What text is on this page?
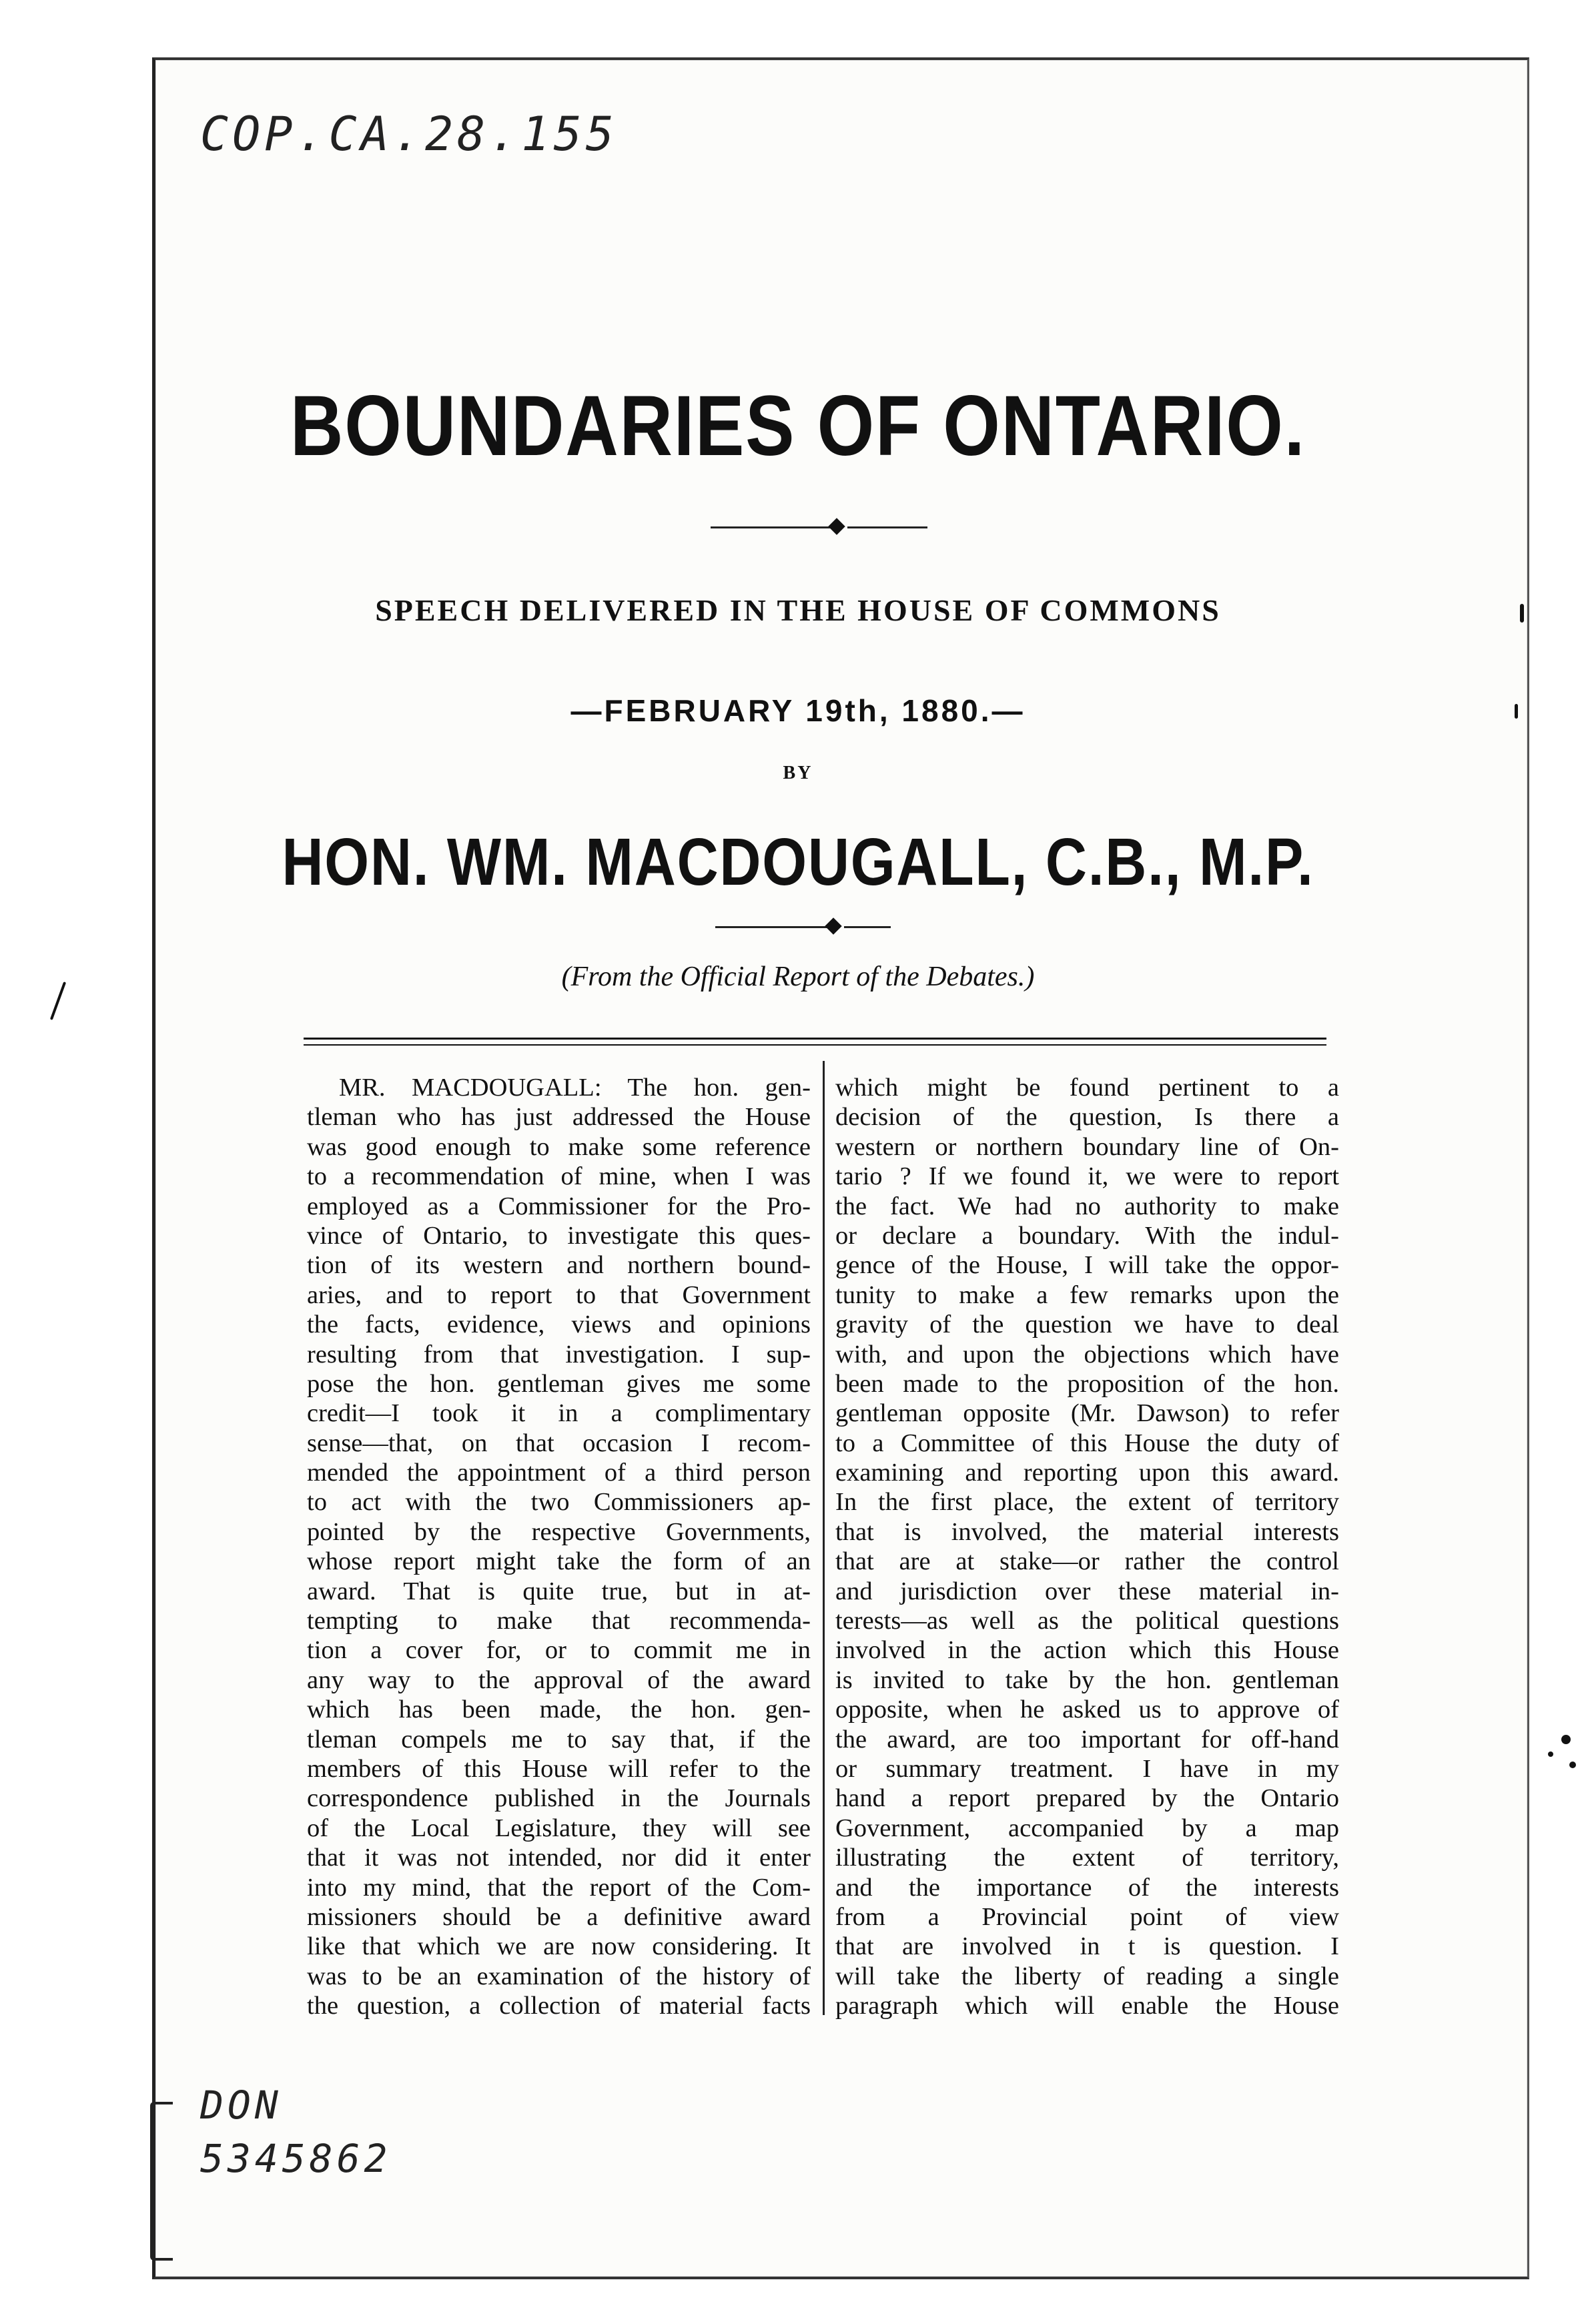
COP.CA.28.155
BOUNDARIES OF ONTARIO.
SPEECH DELIVERED IN THE HOUSE OF COMMONS
—FEBRUARY 19th, 1880.—
BY
HON. WM. MACDOUGALL, C.B., M.P.
(From the Official Report of the Debates.)
MR. MACDOUGALL: The hon. gen-
tleman who has just addressed the House
was good enough to make some reference
to a recommendation of mine, when I was
employed as a Commissioner for the Pro-
vince of Ontario, to investigate this ques-
tion of its western and northern bound-
aries, and to report to that Government
the facts, evidence, views and opinions
resulting from that investigation. I sup-
pose the hon. gentleman gives me some
credit—I took it in a complimentary
sense—that, on that occasion I recom-
mended the appointment of a third person
to act with the two Commissioners ap-
pointed by the respective Governments,
whose report might take the form of an
award. That is quite true, but in at-
tempting to make that recommenda-
tion a cover for, or to commit me in
any way to the approval of the award
which has been made, the hon. gen-
tleman compels me to say that, if the
members of this House will refer to the
correspondence published in the Journals
of the Local Legislature, they will see
that it was not intended, nor did it enter
into my mind, that the report of the Com-
missioners should be a definitive award
like that which we are now considering. It
was to be an examination of the history of
the question, a collection of material facts
which might be found pertinent to a
decision of the question, Is there a
western or northern boundary line of On-
tario ? If we found it, we were to report
the fact. We had no authority to make
or declare a boundary. With the indul-
gence of the House, I will take the oppor-
tunity to make a few remarks upon the
gravity of the question we have to deal
with, and upon the objections which have
been made to the proposition of the hon.
gentleman opposite (Mr. Dawson) to refer
to a Committee of this House the duty of
examining and reporting upon this award.
In the first place, the extent of territory
that is involved, the material interests
that are at stake—or rather the control
and jurisdiction over these material in-
terests—as well as the political questions
involved in the action which this House
is invited to take by the hon. gentleman
opposite, when he asked us to approve of
the award, are too important for off-hand
or summary treatment. I have in my
hand a report prepared by the Ontario
Government, accompanied by a map
illustrating the extent of territory,
and the importance of the interests
from a Provincial point of view
that are involved in t is question. I
will take the liberty of reading a single
paragraph which will enable the House
DON
5345862
